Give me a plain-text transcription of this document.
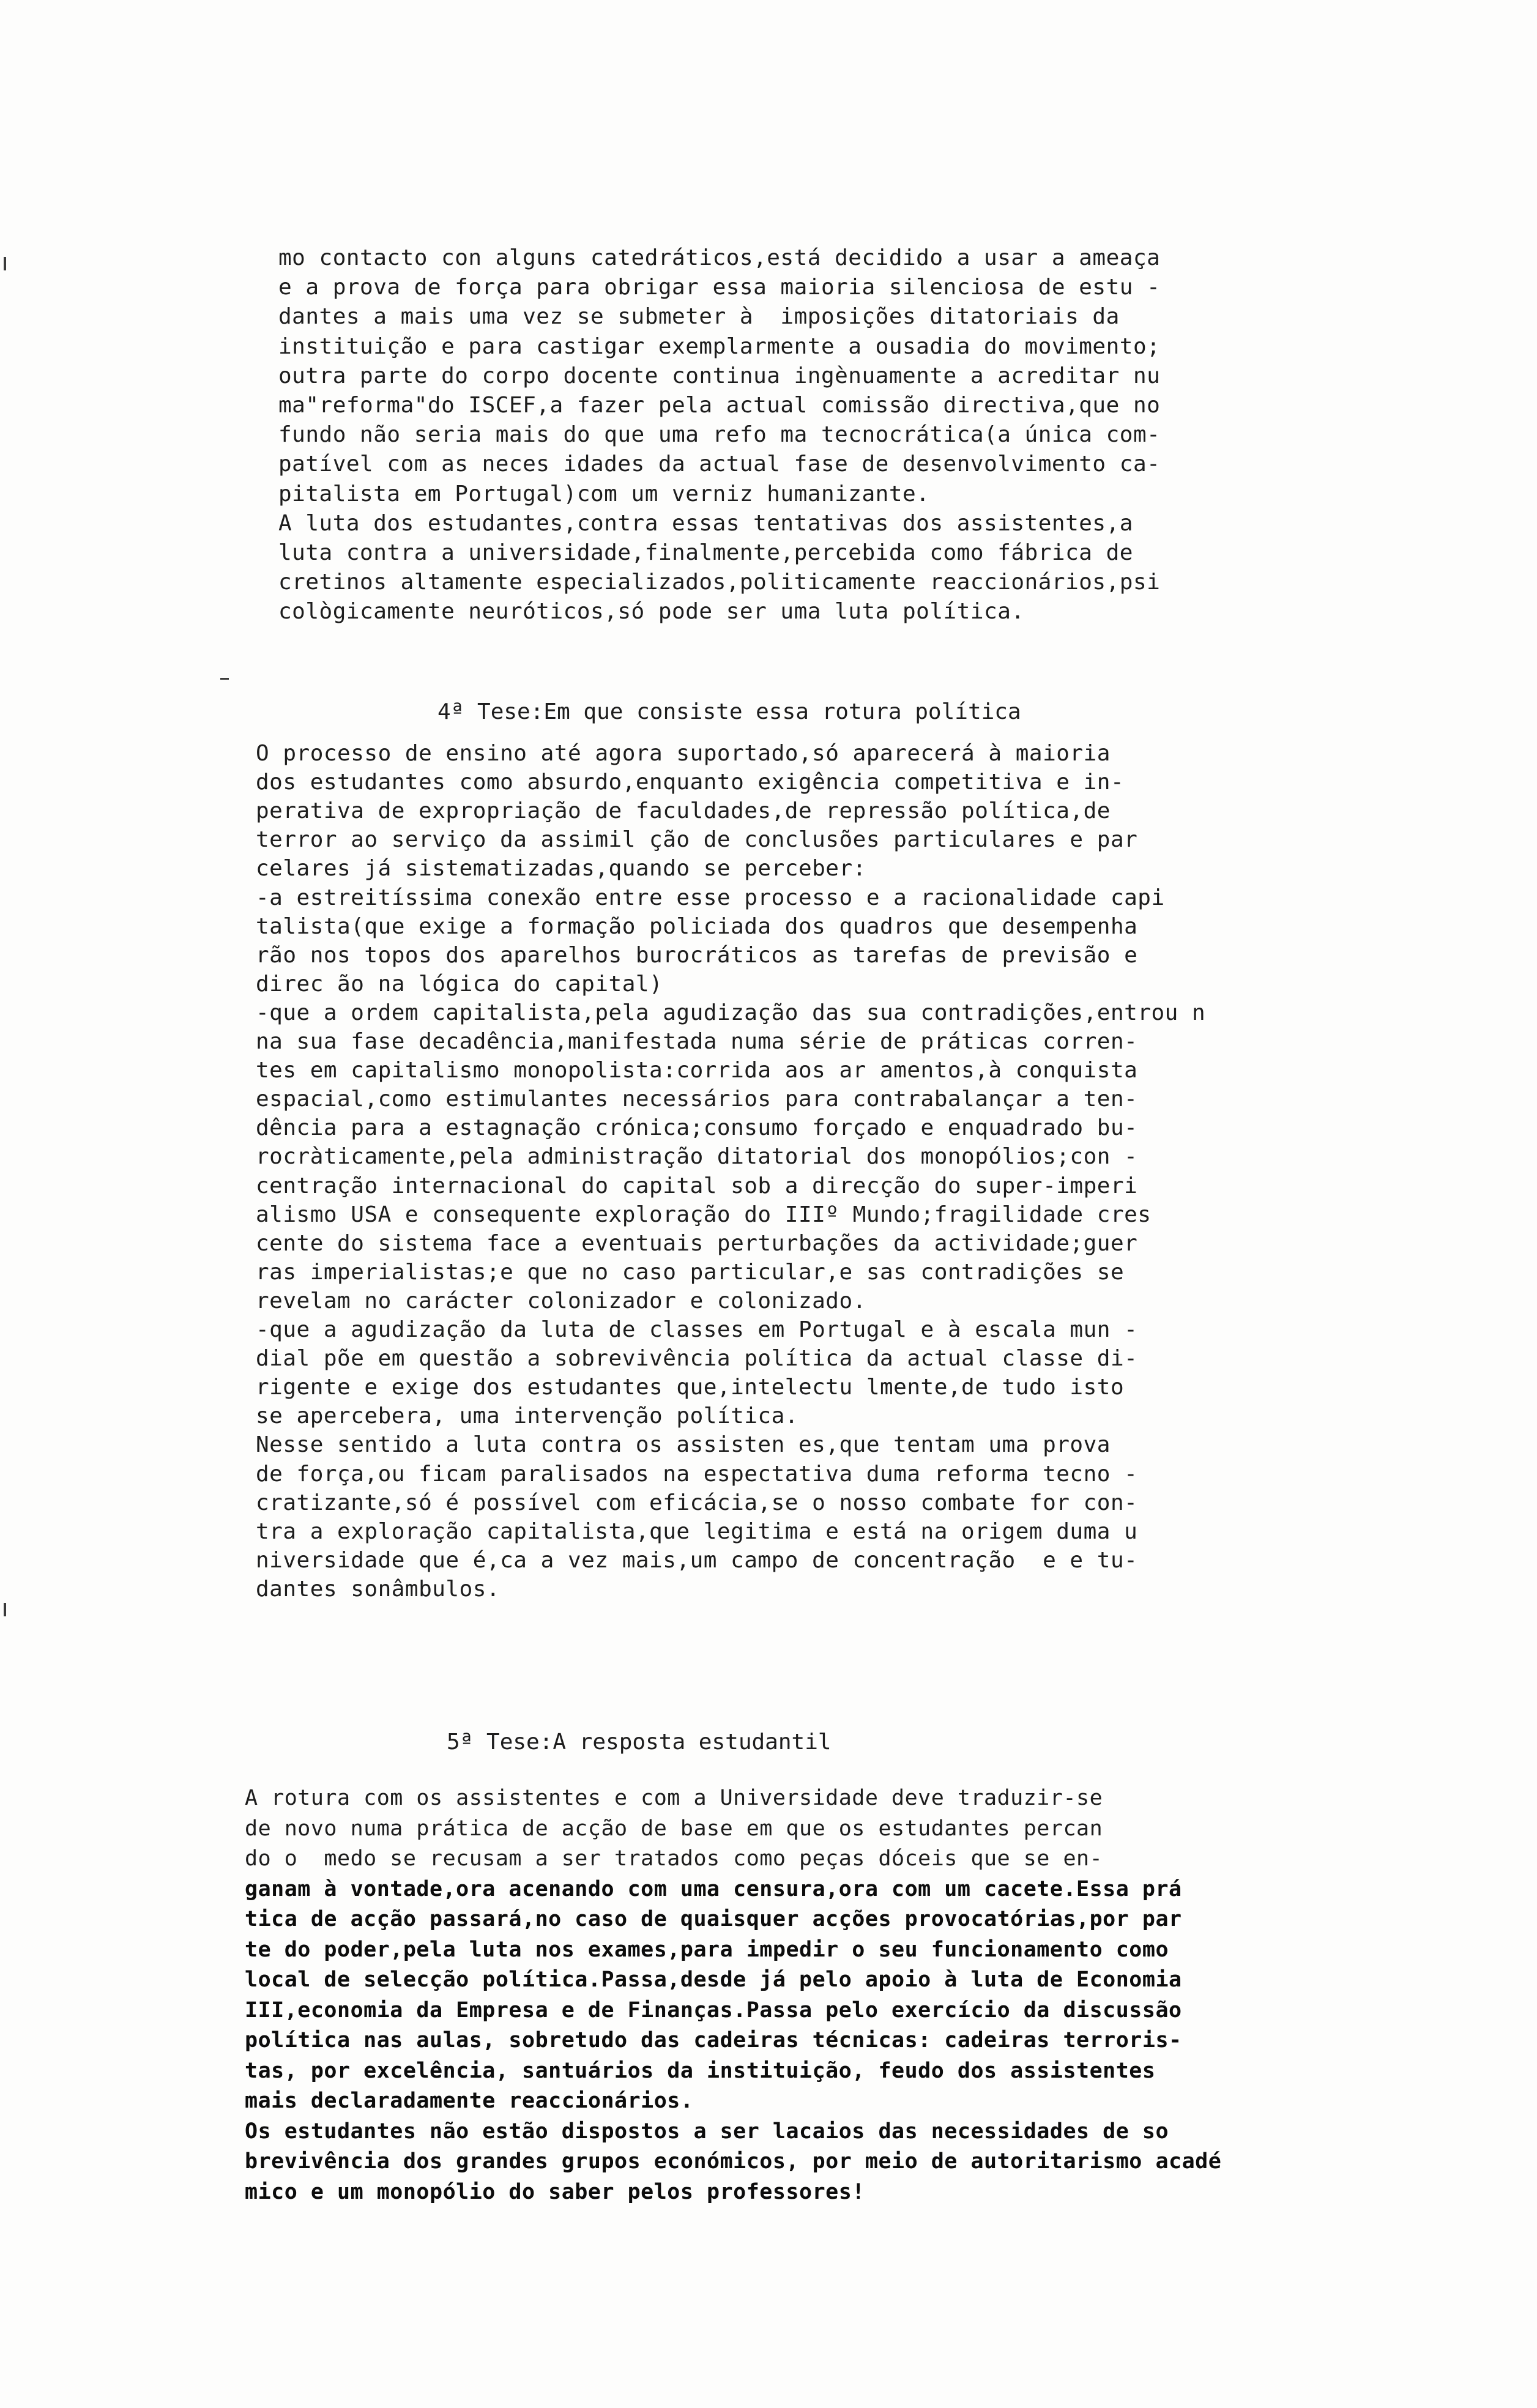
mo contacto con alguns catedráticos,está decidido a usar a ameaça
e a prova de força para obrigar essa maioria silenciosa de estu -
dantes a mais uma vez se submeter à  imposições ditatoriais da
instituição e para castigar exemplarmente a ousadia do movimento;
outra parte do corpo docente continua ingènuamente a acreditar nu
ma"reforma"do ISCEF,a fazer pela actual comissão directiva,que no
fundo não seria mais do que uma refo ma tecnocrática(a única com-
patível com as neces idades da actual fase de desenvolvimento ca-
pitalista em Portugal)com um verniz humanizante.
A luta dos estudantes,contra essas tentativas dos assistentes,a
luta contra a universidade,finalmente,percebida como fábrica de
cretinos altamente especializados,politicamente reaccionários,psi
cològicamente neuróticos,só pode ser uma luta política.
4ª Tese:Em que consiste essa rotura política
O processo de ensino até agora suportado,só aparecerá à maioria
dos estudantes como absurdo,enquanto exigência competitiva e in-
perativa de expropriação de faculdades,de repressão política,de
terror ao serviço da assimil ção de conclusões particulares e par
celares já sistematizadas,quando se perceber:
-a estreitíssima conexão entre esse processo e a racionalidade capi
talista(que exige a formação policiada dos quadros que desempenha
rão nos topos dos aparelhos burocráticos as tarefas de previsão e
direc ão na lógica do capital)
-que a ordem capitalista,pela agudização das sua contradições,entrou n
na sua fase decadência,manifestada numa série de práticas corren-
tes em capitalismo monopolista:corrida aos ar amentos,à conquista
espacial,como estimulantes necessários para contrabalançar a ten-
dência para a estagnação crónica;consumo forçado e enquadrado bu-
rocràticamente,pela administração ditatorial dos monopólios;con -
centração internacional do capital sob a direcção do super-imperi
alismo USA e consequente exploração do IIIº Mundo;fragilidade cres
cente do sistema face a eventuais perturbações da actividade;guer
ras imperialistas;e que no caso particular,e sas contradições se
revelam no carácter colonizador e colonizado.
-que a agudização da luta de classes em Portugal e à escala mun -
dial põe em questão a sobrevivência política da actual classe di-
rigente e exige dos estudantes que,intelectu lmente,de tudo isto
se apercebera, uma intervenção política.
Nesse sentido a luta contra os assisten es,que tentam uma prova
de força,ou ficam paralisados na espectativa duma reforma tecno -
cratizante,só é possível com eficácia,se o nosso combate for con-
tra a exploração capitalista,que legitima e está na origem duma u
niversidade que é,ca a vez mais,um campo de concentração  e e tu-
dantes sonâmbulos.
5ª Tese:A resposta estudantil
A rotura com os assistentes e com a Universidade deve traduzir-se
de novo numa prática de acção de base em que os estudantes percan
do o  medo se recusam a ser tratados como peças dóceis que se en-
ganam à vontade,ora acenando com uma censura,ora com um cacete.Essa prá
tica de acção passará,no caso de quaisquer acções provocatórias,por par
te do poder,pela luta nos exames,para impedir o seu funcionamento como
local de selecção política.Passa,desde já pelo apoio à luta de Economia
III,economia da Empresa e de Finanças.Passa pelo exercício da discussão
política nas aulas, sobretudo das cadeiras técnicas: cadeiras terroris-
tas, por excelência, santuários da instituição, feudo dos assistentes
mais declaradamente reaccionários.
Os estudantes não estão dispostos a ser lacaios das necessidades de so
brevivência dos grandes grupos económicos, por meio de autoritarismo acadé
mico e um monopólio do saber pelos professores!
